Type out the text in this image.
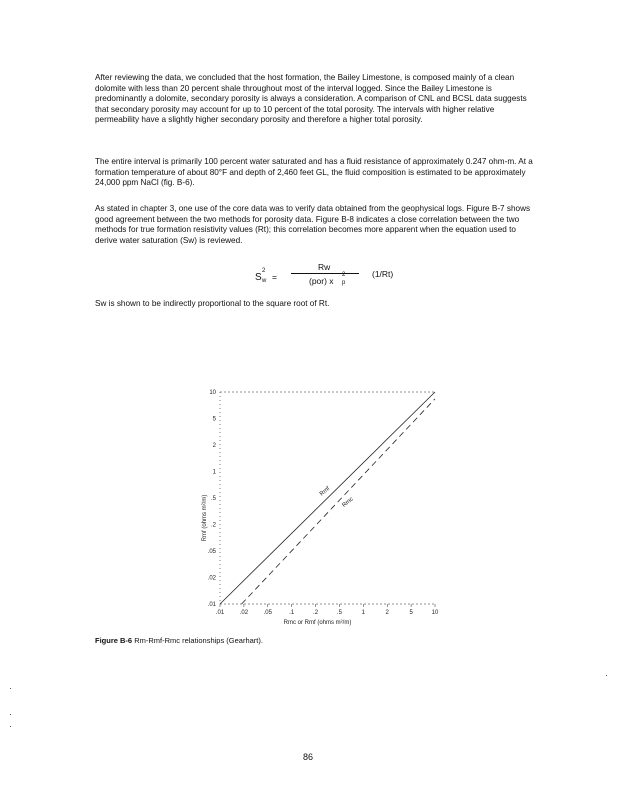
After reviewing the data, we concluded that the host formation, the Bailey Limestone, is composed mainly of a clean dolomite with less than 20 percent shale throughout most of the interval logged. Since the Bailey Limestone is predominantly a dolomite, secondary porosity is always a consideration. A comparison of CNL and BCSL data suggests that secondary porosity may account for up to 10 percent of the total porosity. The intervals with higher relative permeability have a slightly higher secondary porosity and therefore a higher total porosity.

The entire interval is primarily 100 percent water saturated and has a fluid resistance of approximately 0.247 ohm-m. At a formation temperature of about 80°F and depth of 2,460 feet GL, the fluid composition is estimated to be approximately 24,000 ppm NaCl (fig. B-6).

As stated in chapter 3, one use of the core data was to verify data obtained from the geophysical logs. Figure B-7 shows good agreement between the two methods for porosity data. Figure B-8 indicates a close correlation between the two methods for true formation resistivity values (Rt); this correlation becomes more apparent when the equation used to derive water saturation (Sw) is reviewed.

S
2
w =
Rw
(por) x
2
p
(1/Rt)
Sw is shown to be indirectly proportional to the square root of Rt.
10
5
2
1
.5
.2
.05
.02
.01
.01	.02	.05	.1	.2	.5	1	2	5	10
Rmf
Rmc
Rmf (ohms m²/m)
Rmc or Rmf (ohms m²/m)
Figure B-6 Rm-Rmf-Rmc relationships (Gearhart).
86
